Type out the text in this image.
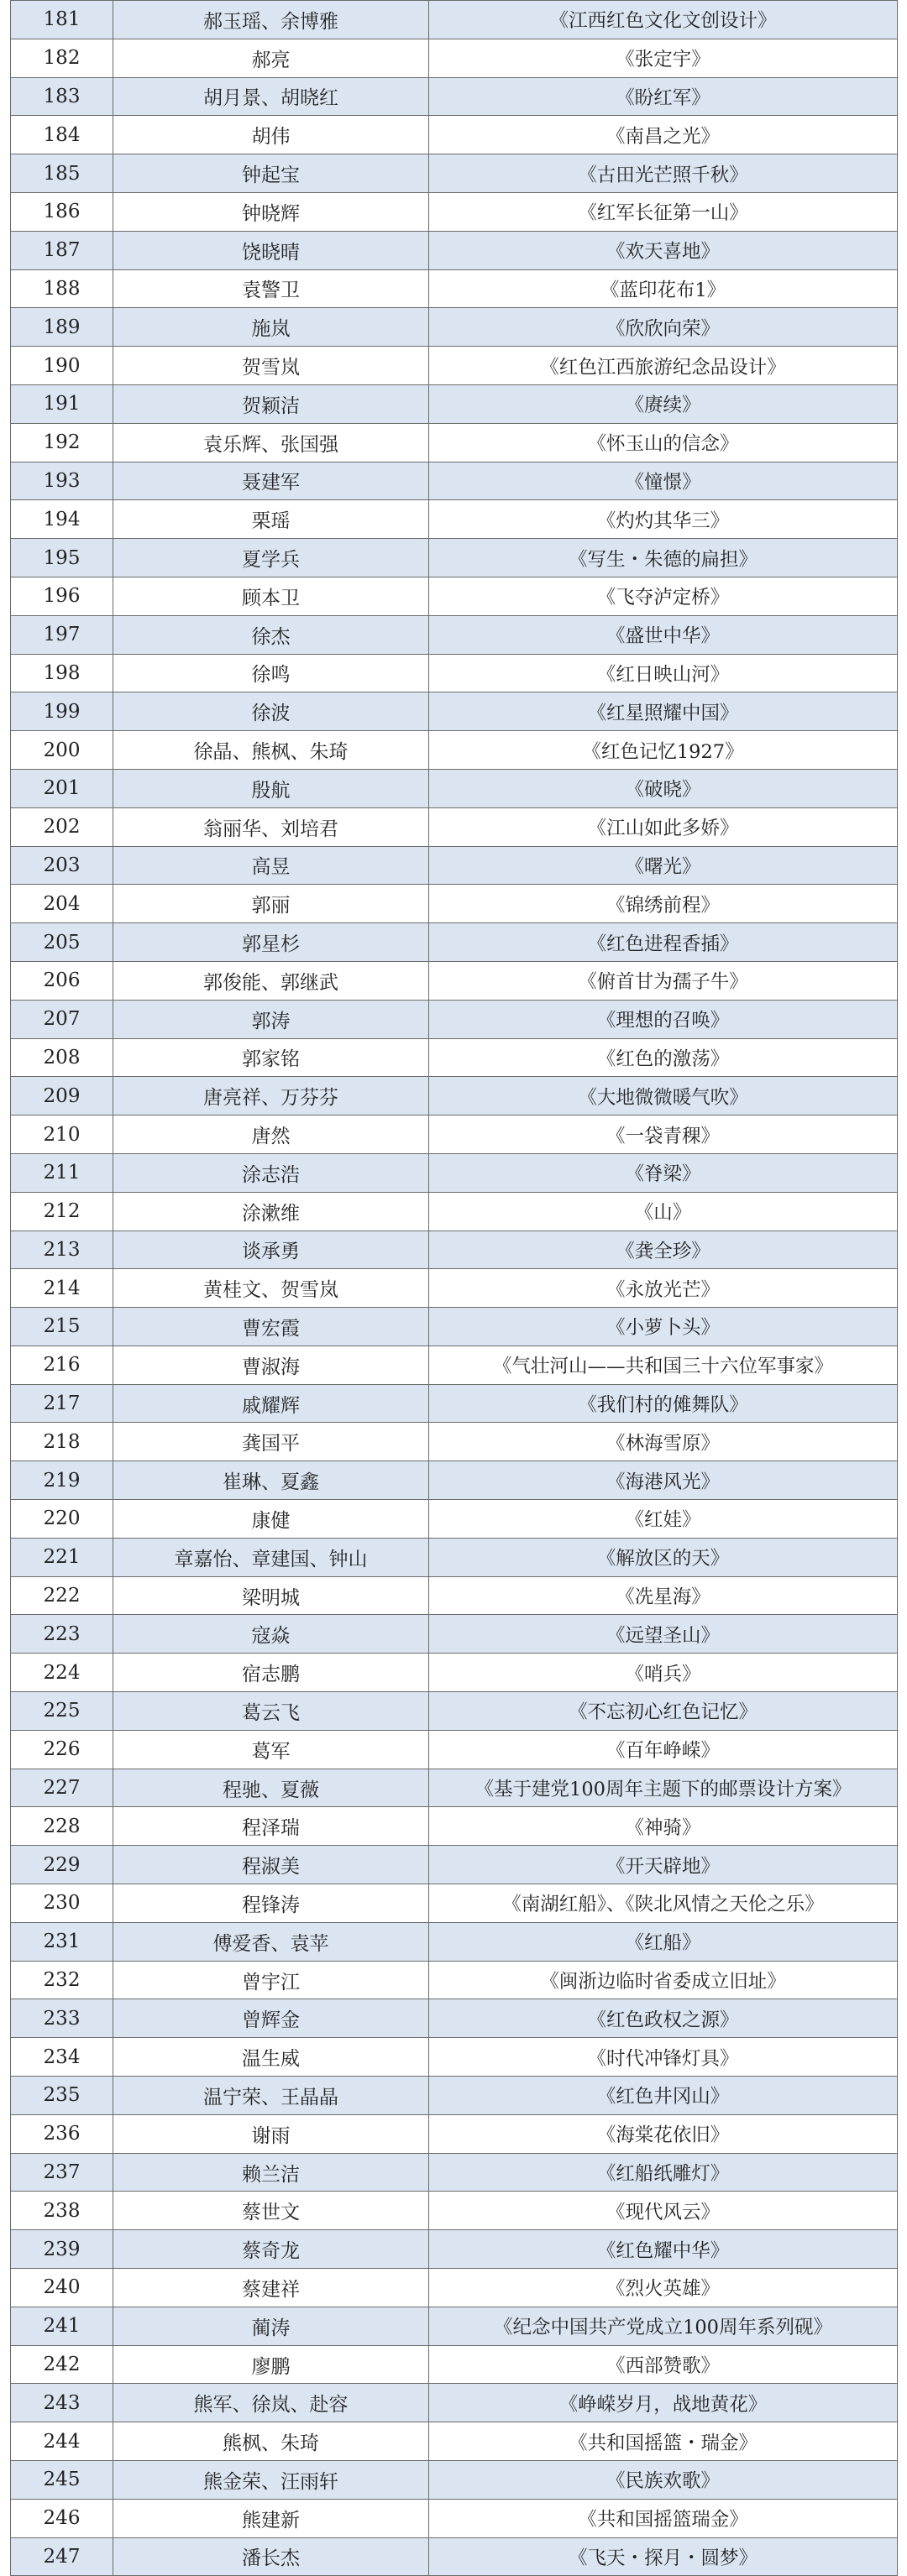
181	郝玉瑶、余博雅	《江西红色文化文创设计》
182	郝亮	《张定宇》
183	胡月景、胡晓红	《盼红军》
184	胡伟	《南昌之光》
185	钟起宝	《古田光芒照千秋》
186	钟晓辉	《红军长征第一山》
187	饶晓晴	《欢天喜地》
188	袁警卫	《蓝印花布1》
189	施岚	《欣欣向荣》
190	贺雪岚	《红色江西旅游纪念品设计》
191	贺颖洁	《赓续》
192	袁乐辉、张国强	《怀玉山的信念》
193	聂建军	《憧憬》
194	栗瑶	《灼灼其华三》
195	夏学兵	《写生・朱德的扁担》
196	顾本卫	《飞夺泸定桥》
197	徐杰	《盛世中华》
198	徐鸣	《红日映山河》
199	徐波	《红星照耀中国》
200	徐晶、熊枫、朱琦	《红色记忆1927》
201	殷航	《破晓》
202	翁丽华、刘培君	《江山如此多娇》
203	高昱	《曙光》
204	郭丽	《锦绣前程》
205	郭星杉	《红色进程香插》
206	郭俊能、郭继武	《俯首甘为孺子牛》
207	郭涛	《理想的召唤》
208	郭家铭	《红色的激荡》
209	唐亮祥、万芬芬	《大地微微暖气吹》
210	唐然	《一袋青稞》
211	涂志浩	《脊梁》
212	涂漱维	《山》
213	谈承勇	《龚全珍》
214	黄桂文、贺雪岚	《永放光芒》
215	曹宏霞	《小萝卜头》
216	曹淑海	《气壮河山——共和国三十六位军事家》
217	戚耀辉	《我们村的傩舞队》
218	龚国平	《林海雪原》
219	崔琳、夏鑫	《海港风光》
220	康健	《红娃》
221	章嘉怡、章建国、钟山	《解放区的天》
222	梁明城	《冼星海》
223	寇焱	《远望圣山》
224	宿志鹏	《哨兵》
225	葛云飞	《不忘初心红色记忆》
226	葛军	《百年峥嵘》
227	程驰、夏薇	《基于建党100周年主题下的邮票设计方案》
228	程泽瑞	《神骑》
229	程淑美	《开天辟地》
230	程锋涛	《南湖红船》、《陕北风情之天伦之乐》
231	傅爱香、袁苹	《红船》
232	曾宇江	《闽浙边临时省委成立旧址》
233	曾辉金	《红色政权之源》
234	温生威	《时代冲锋灯具》
235	温宁荣、王晶晶	《红色井冈山》
236	谢雨	《海棠花依旧》
237	赖兰洁	《红船纸雕灯》
238	蔡世文	《现代风云》
239	蔡奇龙	《红色耀中华》
240	蔡建祥	《烈火英雄》
241	蔺涛	《纪念中国共产党成立100周年系列砚》
242	廖鹏	《西部赞歌》
243	熊军、徐岚、赴容	《峥嵘岁月，战地黄花》
244	熊枫、朱琦	《共和国摇篮・瑞金》
245	熊金荣、汪雨轩	《民族欢歌》
246	熊建新	《共和国摇篮瑞金》
247	潘长杰	《飞天・探月・圆梦》
